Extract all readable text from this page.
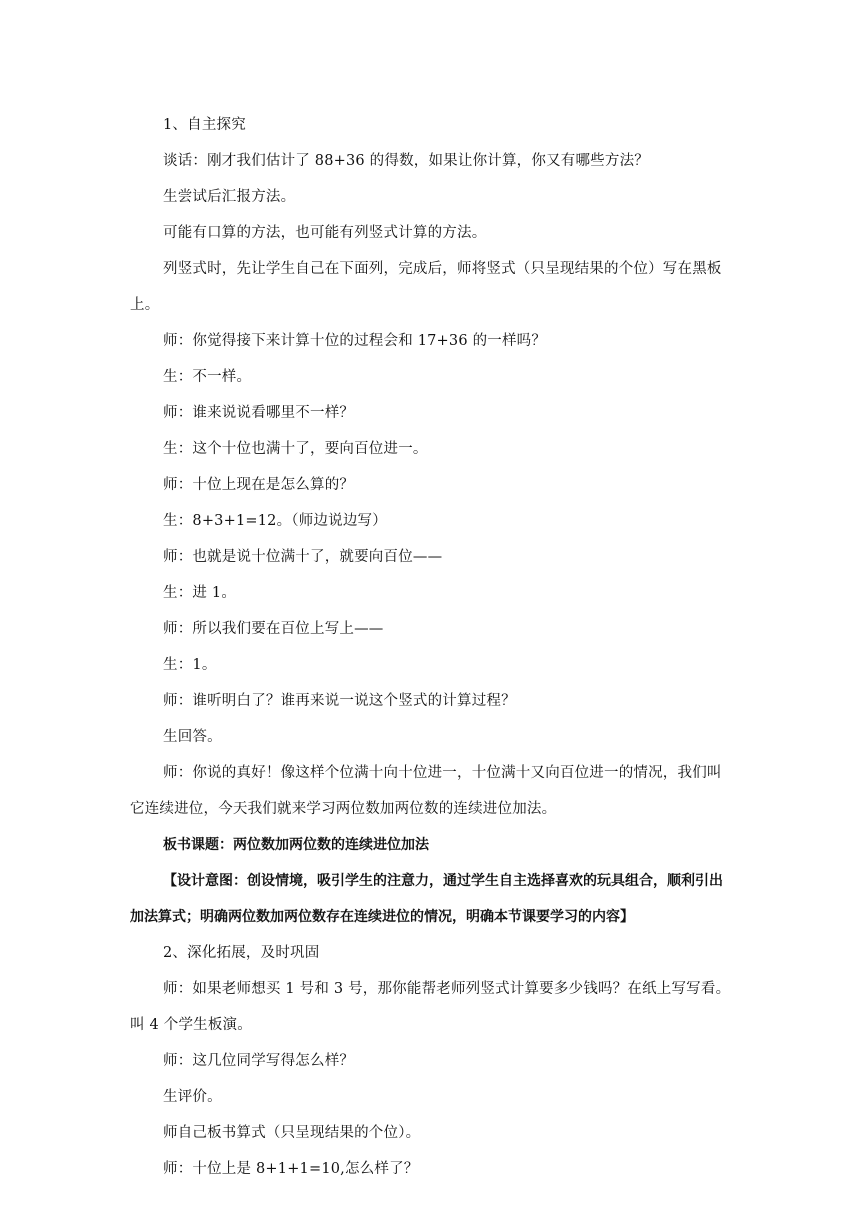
1、自主探究

谈话：刚才我们估计了 88+36 的得数，如果让你计算，你又有哪些方法？

生尝试后汇报方法。

可能有口算的方法，也可能有列竖式计算的方法。

列竖式时，先让学生自己在下面列，完成后，师将竖式（只呈现结果的个位）写在黑板上。

师：你觉得接下来计算十位的过程会和 17+36 的一样吗？

生：不一样。

师：谁来说说看哪里不一样？

生：这个十位也满十了，要向百位进一。

师：十位上现在是怎么算的？

生：8+3+1=12。（师边说边写）

师：也就是说十位满十了，就要向百位——

生：进 1。

师：所以我们要在百位上写上——

生：1。

师：谁听明白了？谁再来说一说这个竖式的计算过程？

生回答。

师：你说的真好！像这样个位满十向十位进一，十位满十又向百位进一的情况，我们叫它连续进位，今天我们就来学习两位数加两位数的连续进位加法。

板书课题：两位数加两位数的连续进位加法

【设计意图：创设情境，吸引学生的注意力，通过学生自主选择喜欢的玩具组合，顺利引出加法算式；明确两位数加两位数存在连续进位的情况，明确本节课要学习的内容】

2、深化拓展，及时巩固

师：如果老师想买 1 号和 3 号，那你能帮老师列竖式计算要多少钱吗？在纸上写写看。叫 4 个学生板演。

师：这几位同学写得怎么样？

生评价。

师自己板书算式（只呈现结果的个位）。

师：十位上是 8+1+1=10,怎么样了？
